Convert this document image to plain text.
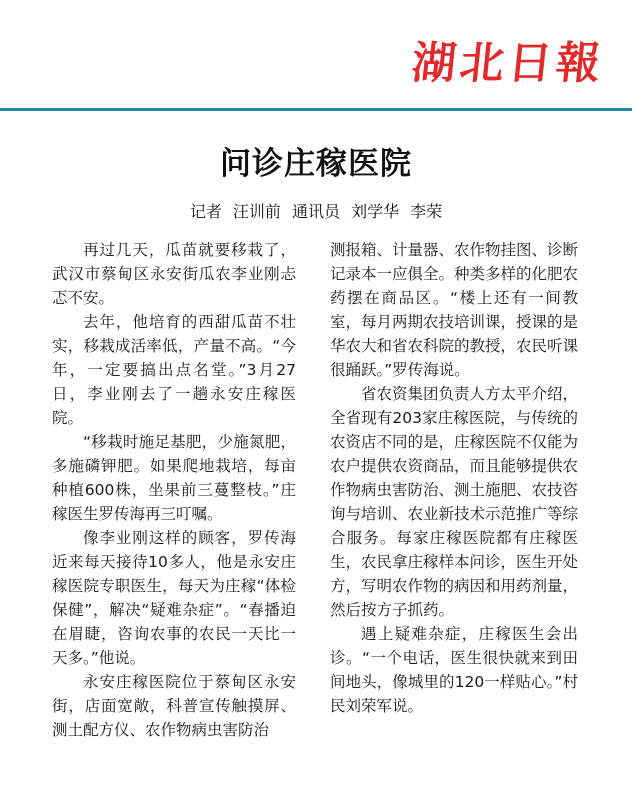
湖北日報
问诊庄稼医院
记者 汪训前 通讯员 刘学华 李荣

再过几天，瓜苗就要移栽了，武汉市蔡甸区永安街瓜农李业刚忐忑不安。

去年，他培育的西甜瓜苗不壮实，移栽成活率低，产量不高。“今年，一定要搞出点名堂。”3月27日，李业刚去了一趟永安庄稼医院。

“移栽时施足基肥，少施氮肥，多施磷钾肥。如果爬地栽培，每亩种植600株，坐果前三蔓整枝。”庄稼医生罗传海再三叮嘱。

像李业刚这样的顾客，罗传海近来每天接待10多人，他是永安庄稼医院专职医生，每天为庄稼“体检保健”，解决“疑难杂症”。“春播迫在眉睫，咨询农事的农民一天比一天多。”他说。

永安庄稼医院位于蔡甸区永安街，店面宽敞，科普宣传触摸屏、测土配方仪、农作物病虫害防治

测报箱、计量器、农作物挂图、诊断记录本一应俱全。种类多样的化肥农药摆在商品区。“楼上还有一间教室，每月两期农技培训课，授课的是华农大和省农科院的教授，农民听课很踊跃。”罗传海说。

省农资集团负责人方太平介绍，全省现有203家庄稼医院，与传统的农资店不同的是，庄稼医院不仅能为农户提供农资商品，而且能够提供农作物病虫害防治、测土施肥、农技咨询与培训、农业新技术示范推广等综合服务。每家庄稼医院都有庄稼医生，农民拿庄稼样本问诊，医生开处方，写明农作物的病因和用药剂量，然后按方子抓药。

遇上疑难杂症，庄稼医生会出诊。“一个电话，医生很快就来到田间地头，像城里的120一样贴心。”村民刘荣军说。
